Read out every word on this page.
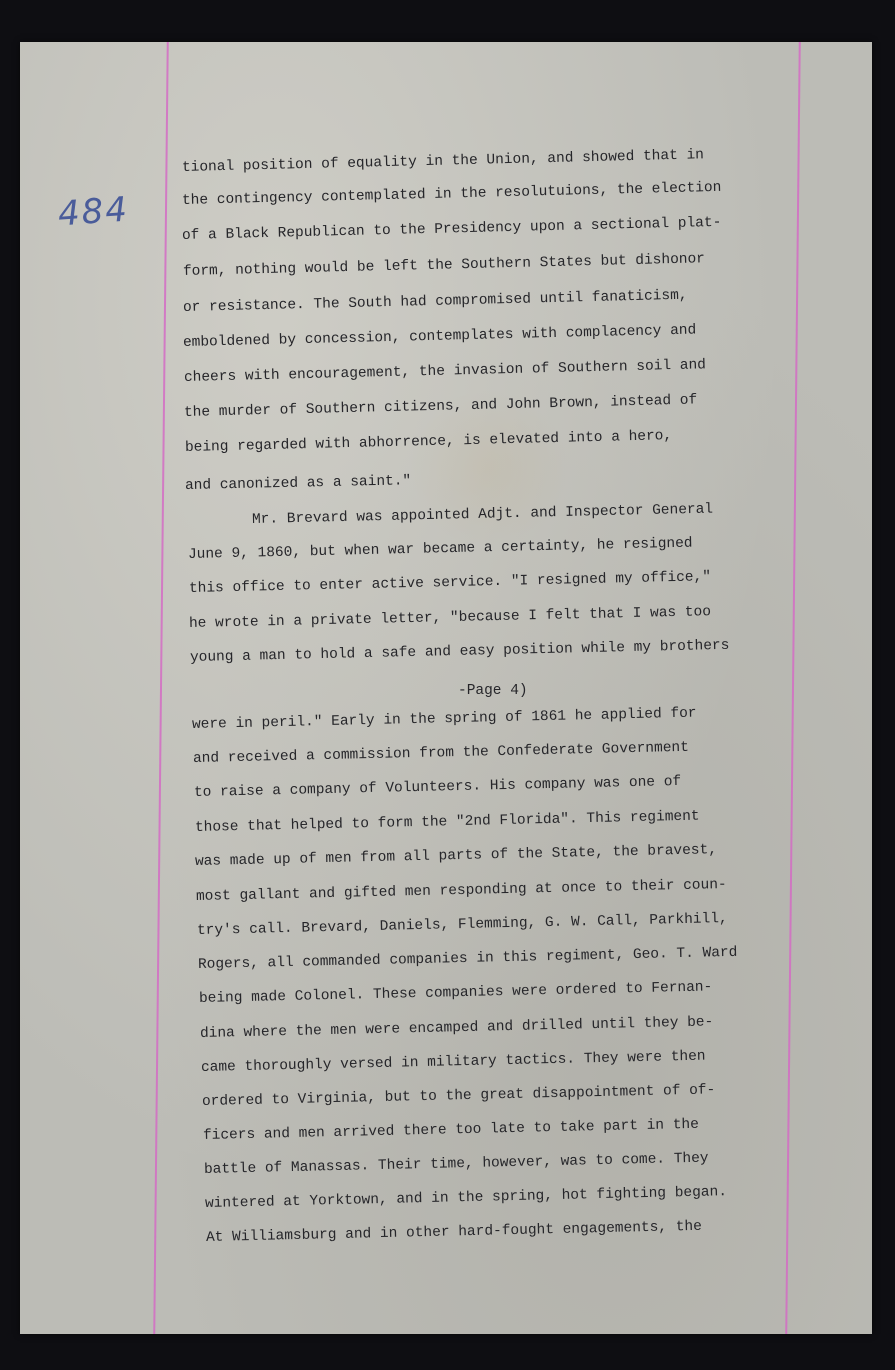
484
tional position of equality in the Union, and showed that in
the contingency contemplated in the resolutuions, the election
of a Black Republican to the Presidency upon a sectional plat-
form, nothing would be left the Southern States but dishonor
or resistance. The South had compromised until fanaticism,
emboldened by concession, contemplates with complacency and
cheers with encouragement, the invasion of Southern soil and
the murder of Southern citizens, and John Brown, instead of
being regarded with abhorrence, is elevated into a hero,
and canonized as a saint."
Mr. Brevard was appointed Adjt. and Inspector General
June 9, 1860, but when war became a certainty, he resigned
this office to enter active service. "I resigned my office,"
he wrote in a private letter, "because I felt that I was too
young a man to hold a safe and easy position while my brothers
-Page 4)
were in peril." Early in the spring of 1861 he applied for
and received a commission from the Confederate Government
to raise a company of Volunteers. His company was one of
those that helped to form the "2nd Florida". This regiment
was made up of men from all parts of the State, the bravest,
most gallant and gifted men responding at once to their coun-
try's call. Brevard, Daniels, Flemming, G. W. Call, Parkhill,
Rogers, all commanded companies in this regiment, Geo. T. Ward
being made Colonel. These companies were ordered to Fernan-
dina where the men were encamped and drilled until they be-
came thoroughly versed in military tactics. They were then
ordered to Virginia, but to the great disappointment of of-
ficers and men arrived there too late to take part in the
battle of Manassas. Their time, however, was to come. They
wintered at Yorktown, and in the spring, hot fighting began.
At Williamsburg and in other hard-fought engagements, the
